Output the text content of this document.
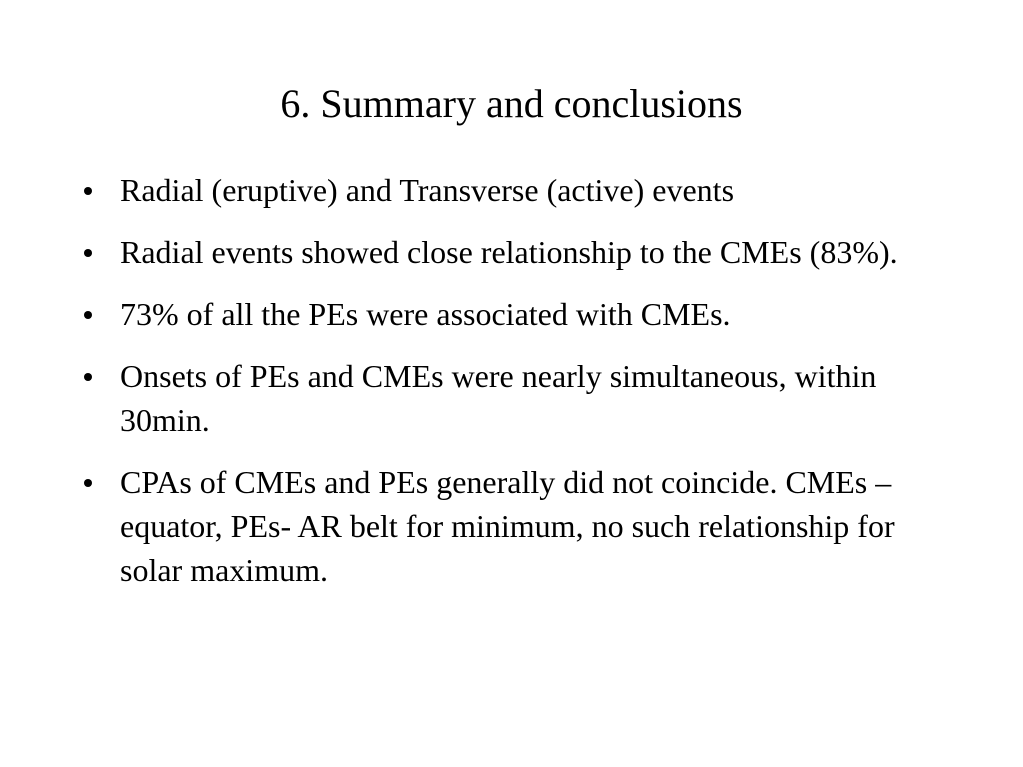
6. Summary and conclusions
Radial (eruptive) and Transverse (active) events
Radial events showed close relationship to the CMEs (83%).
73% of all the PEs were associated with CMEs.
Onsets of PEs and CMEs were nearly simultaneous, within 30min.
CPAs of CMEs and PEs generally did not coincide. CMEs – equator, PEs- AR belt for minimum, no such relationship for solar maximum.
